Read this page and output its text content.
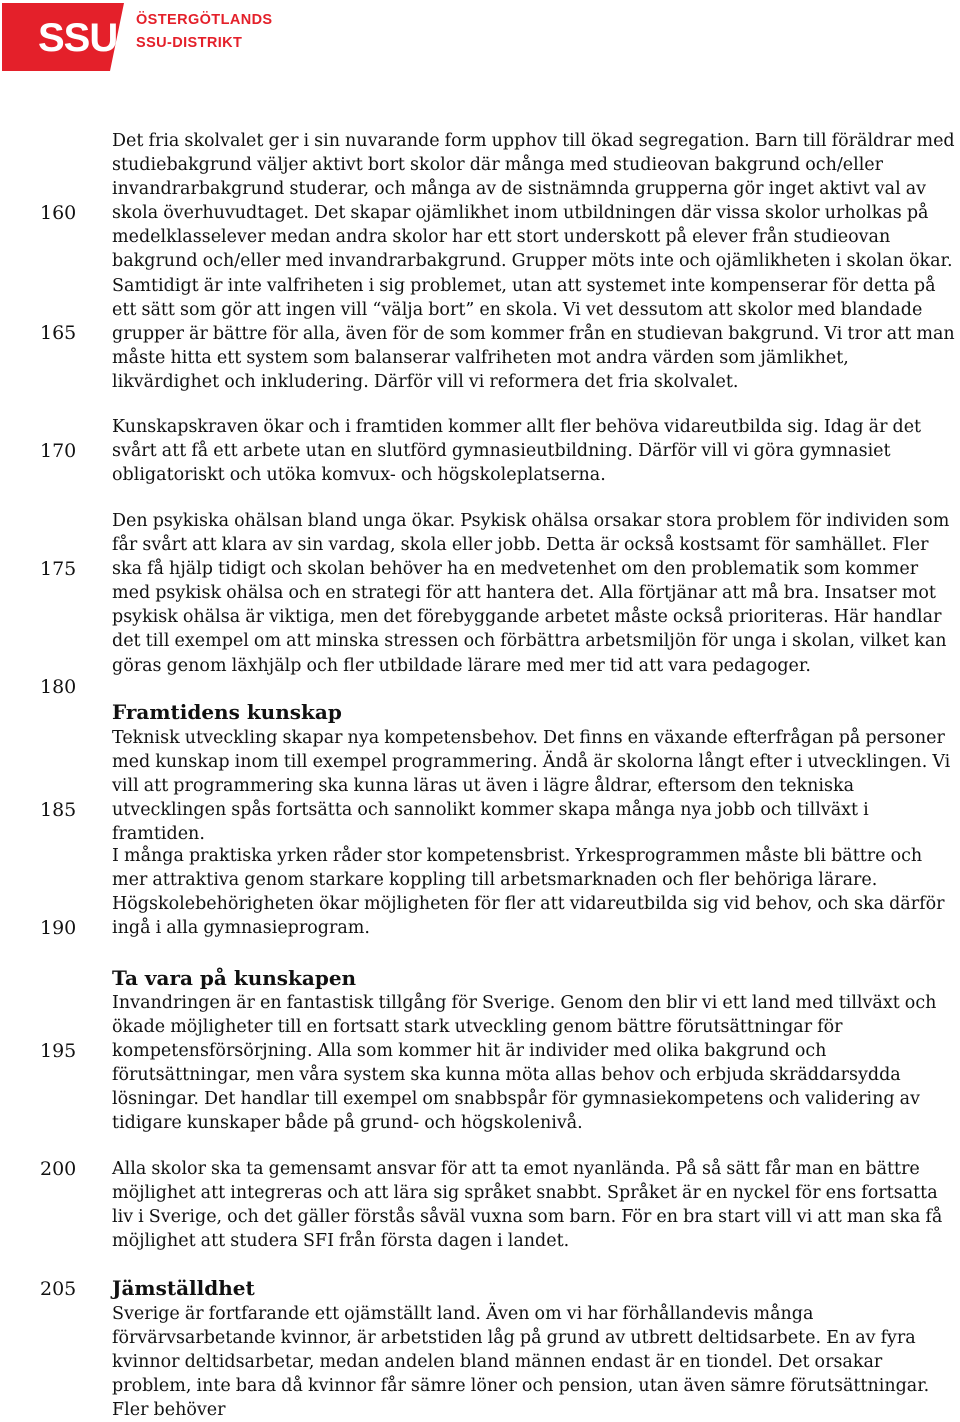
SSU ÖSTERGÖTLANDS
SSU-DISTRIKT
160
165
170
175
180
185
190
195
200
205

Det fria skolvalet ger i sin nuvarande form upphov till ökad segregation. Barn till föräldrar med studiebakgrund väljer aktivt bort skolor där många med studieovan bakgrund och/eller invandrarbakgrund studerar, och många av de sistnämnda grupperna gör inget aktivt val av skola överhuvudtaget. Det skapar ojämlikhet inom utbildningen där vissa skolor urholkas på medelklasselever medan andra skolor har ett stort underskott på elever från studieovan bakgrund och/eller med invandrarbakgrund. Grupper möts inte och ojämlikheten i skolan ökar. Samtidigt är inte valfriheten i sig problemet, utan att systemet inte kompenserar för detta på ett sätt som gör att ingen vill “välja bort” en skola. Vi vet dessutom att skolor med blandade grupper är bättre för alla, även för de som kommer från en studievan bakgrund. Vi tror att man måste hitta ett system som balanserar valfriheten mot andra värden som jämlikhet, likvärdighet och inkludering. Därför vill vi reformera det fria skolvalet.

Kunskapskraven ökar och i framtiden kommer allt fler behöva vidareutbilda sig. Idag är det svårt att få ett arbete utan en slutförd gymnasieutbildning. Därför vill vi göra gymnasiet obligatoriskt och utöka komvux- och högskoleplatserna.

Den psykiska ohälsan bland unga ökar. Psykisk ohälsa orsakar stora problem för individen som får svårt att klara av sin vardag, skola eller jobb. Detta är också kostsamt för samhället. Fler ska få hjälp tidigt och skolan behöver ha en medvetenhet om den problematik som kommer med psykisk ohälsa och en strategi för att hantera det. Alla förtjänar att må bra. Insatser mot psykisk ohälsa är viktiga, men det förebyggande arbetet måste också prioriteras. Här handlar det till exempel om att minska stressen och förbättra arbetsmiljön för unga i skolan, vilket kan göras genom läxhjälp och fler utbildade lärare med mer tid att vara pedagoger.

Framtidens kunskap

Teknisk utveckling skapar nya kompetensbehov. Det finns en växande efterfrågan på personer med kunskap inom till exempel programmering. Ändå är skolorna långt efter i utvecklingen. Vi vill att programmering ska kunna läras ut även i lägre åldrar, eftersom den tekniska utvecklingen spås fortsätta och sannolikt kommer skapa många nya jobb och tillväxt i framtiden.

I många praktiska yrken råder stor kompetensbrist. Yrkesprogrammen måste bli bättre och mer attraktiva genom starkare koppling till arbetsmarknaden och fler behöriga lärare. Högskolebehörigheten ökar möjligheten för fler att vidareutbilda sig vid behov, och ska därför ingå i alla gymnasieprogram.

Ta vara på kunskapen

Invandringen är en fantastisk tillgång för Sverige. Genom den blir vi ett land med tillväxt och ökade möjligheter till en fortsatt stark utveckling genom bättre förutsättningar för kompetensförsörjning. Alla som kommer hit är individer med olika bakgrund och förutsättningar, men våra system ska kunna möta allas behov och erbjuda skräddarsydda lösningar. Det handlar till exempel om snabbspår för gymnasiekompetens och validering av tidigare kunskaper både på grund- och högskolenivå.

Alla skolor ska ta gemensamt ansvar för att ta emot nyanlända. På så sätt får man en bättre möjlighet att integreras och att lära sig språket snabbt. Språket är en nyckel för ens fortsatta liv i Sverige, och det gäller förstås såväl vuxna som barn. För en bra start vill vi att man ska få möjlighet att studera SFI från första dagen i landet.

Jämställdhet

Sverige är fortfarande ett ojämställt land. Även om vi har förhållandevis många förvärvsarbetande kvinnor, är arbetstiden låg på grund av utbrett deltidsarbete. En av fyra kvinnor deltidsarbetar, medan andelen bland männen endast är en tiondel. Det orsakar problem, inte bara då kvinnor får sämre löner och pension, utan även sämre förutsättningar. Fler behöver
